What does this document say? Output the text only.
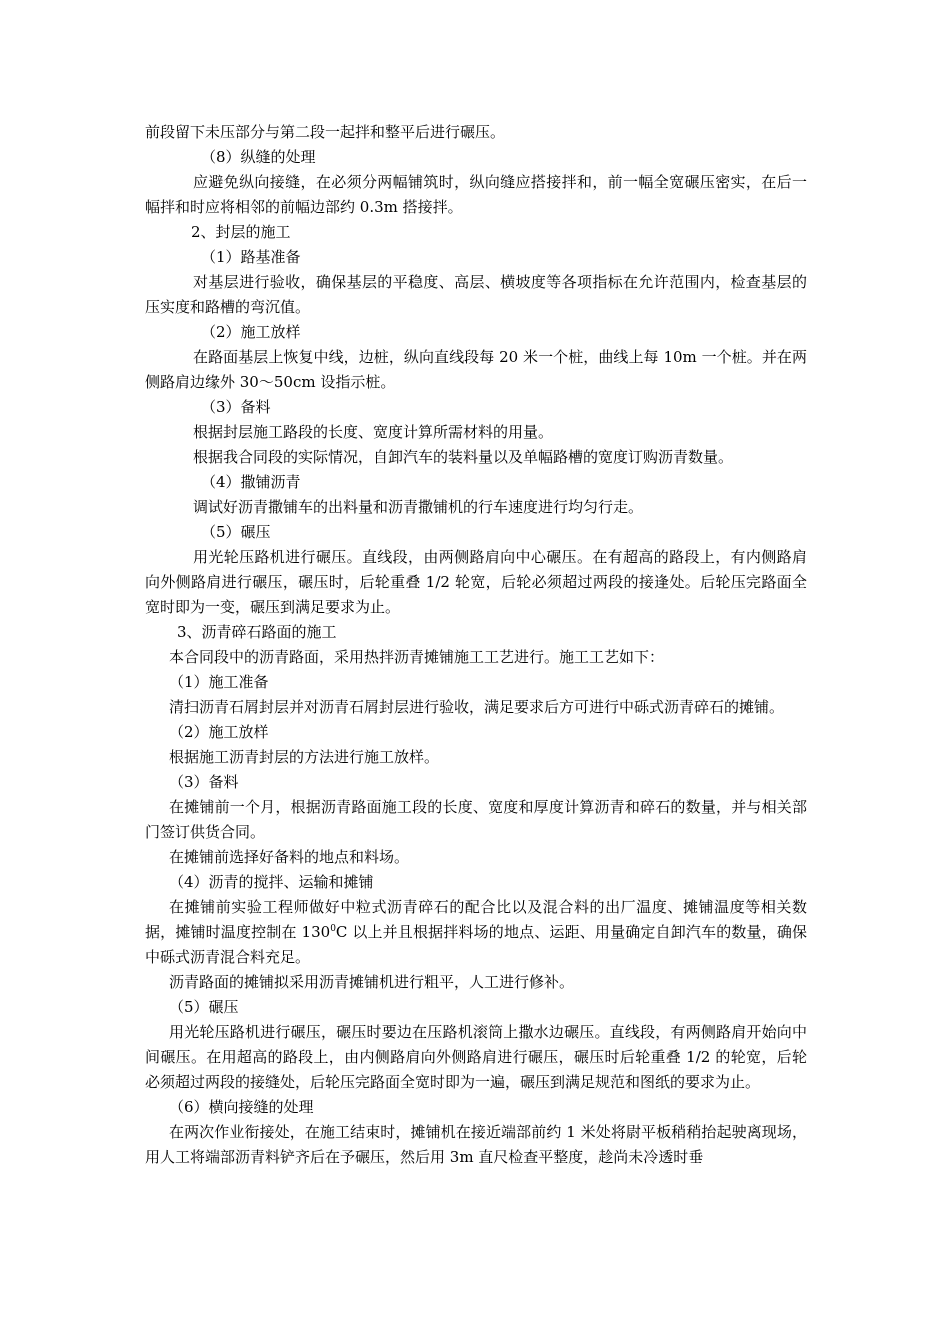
前段留下未压部分与第二段一起拌和整平后进行碾压。

（8）纵缝的处理

应避免纵向接缝，在必须分两幅铺筑时，纵向缝应搭接拌和，前一幅全宽碾压密实，在后一幅拌和时应将相邻的前幅边部约 0.3m 搭接拌。

2、封层的施工

（1）路基准备

对基层进行验收，确保基层的平稳度、高层、横坡度等各项指标在允许范围内，检查基层的压实度和路槽的弯沉值。

（2）施工放样

在路面基层上恢复中线，边桩，纵向直线段每 20 米一个桩，曲线上每 10m 一个桩。并在两侧路肩边缘外 30～50cm 设指示桩。

（3）备料

根据封层施工路段的长度、宽度计算所需材料的用量。

根据我合同段的实际情况，自卸汽车的装料量以及单幅路槽的宽度订购沥青数量。

（4）撒铺沥青

调试好沥青撒铺车的出料量和沥青撒铺机的行车速度进行均匀行走。

（5）碾压

用光轮压路机进行碾压。直线段，由两侧路肩向中心碾压。在有超高的路段上，有内侧路肩向外侧路肩进行碾压，碾压时，后轮重叠 1/2 轮宽，后轮必须超过两段的接逢处。后轮压完路面全宽时即为一变，碾压到满足要求为止。

3、沥青碎石路面的施工

本合同段中的沥青路面，采用热拌沥青摊铺施工工艺进行。施工工艺如下：

（1）施工准备

清扫沥青石屑封层并对沥青石屑封层进行验收，满足要求后方可进行中砾式沥青碎石的摊铺。

（2）施工放样

根据施工沥青封层的方法进行施工放样。

（3）备料

在摊铺前一个月，根据沥青路面施工段的长度、宽度和厚度计算沥青和碎石的数量，并与相关部门签订供货合同。

在摊铺前选择好备料的地点和料场。

（4）沥青的搅拌、运输和摊铺

在摊铺前实验工程师做好中粒式沥青碎石的配合比以及混合料的出厂温度、摊铺温度等相关数据，摊铺时温度控制在 $130^0C$ 以上并且根据拌料场的地点、运距、用量确定自卸汽车的数量，确保中砾式沥青混合料充足。

沥青路面的摊铺拟采用沥青摊铺机进行粗平，人工进行修补。

（5）碾压

用光轮压路机进行碾压，碾压时要边在压路机滚筒上撒水边碾压。直线段，有两侧路肩开始向中间碾压。在用超高的路段上，由内侧路肩向外侧路肩进行碾压，碾压时后轮重叠 1/2 的轮宽，后轮必须超过两段的接缝处，后轮压完路面全宽时即为一遍，碾压到满足规范和图纸的要求为止。

（6）横向接缝的处理

在两次作业衔接处，在施工结束时，摊铺机在接近端部前约 1 米处将尉平板稍稍抬起驶离现场，用人工将端部沥青料铲齐后在予碾压，然后用 3m 直尺检查平整度，趁尚未冷透时垂
